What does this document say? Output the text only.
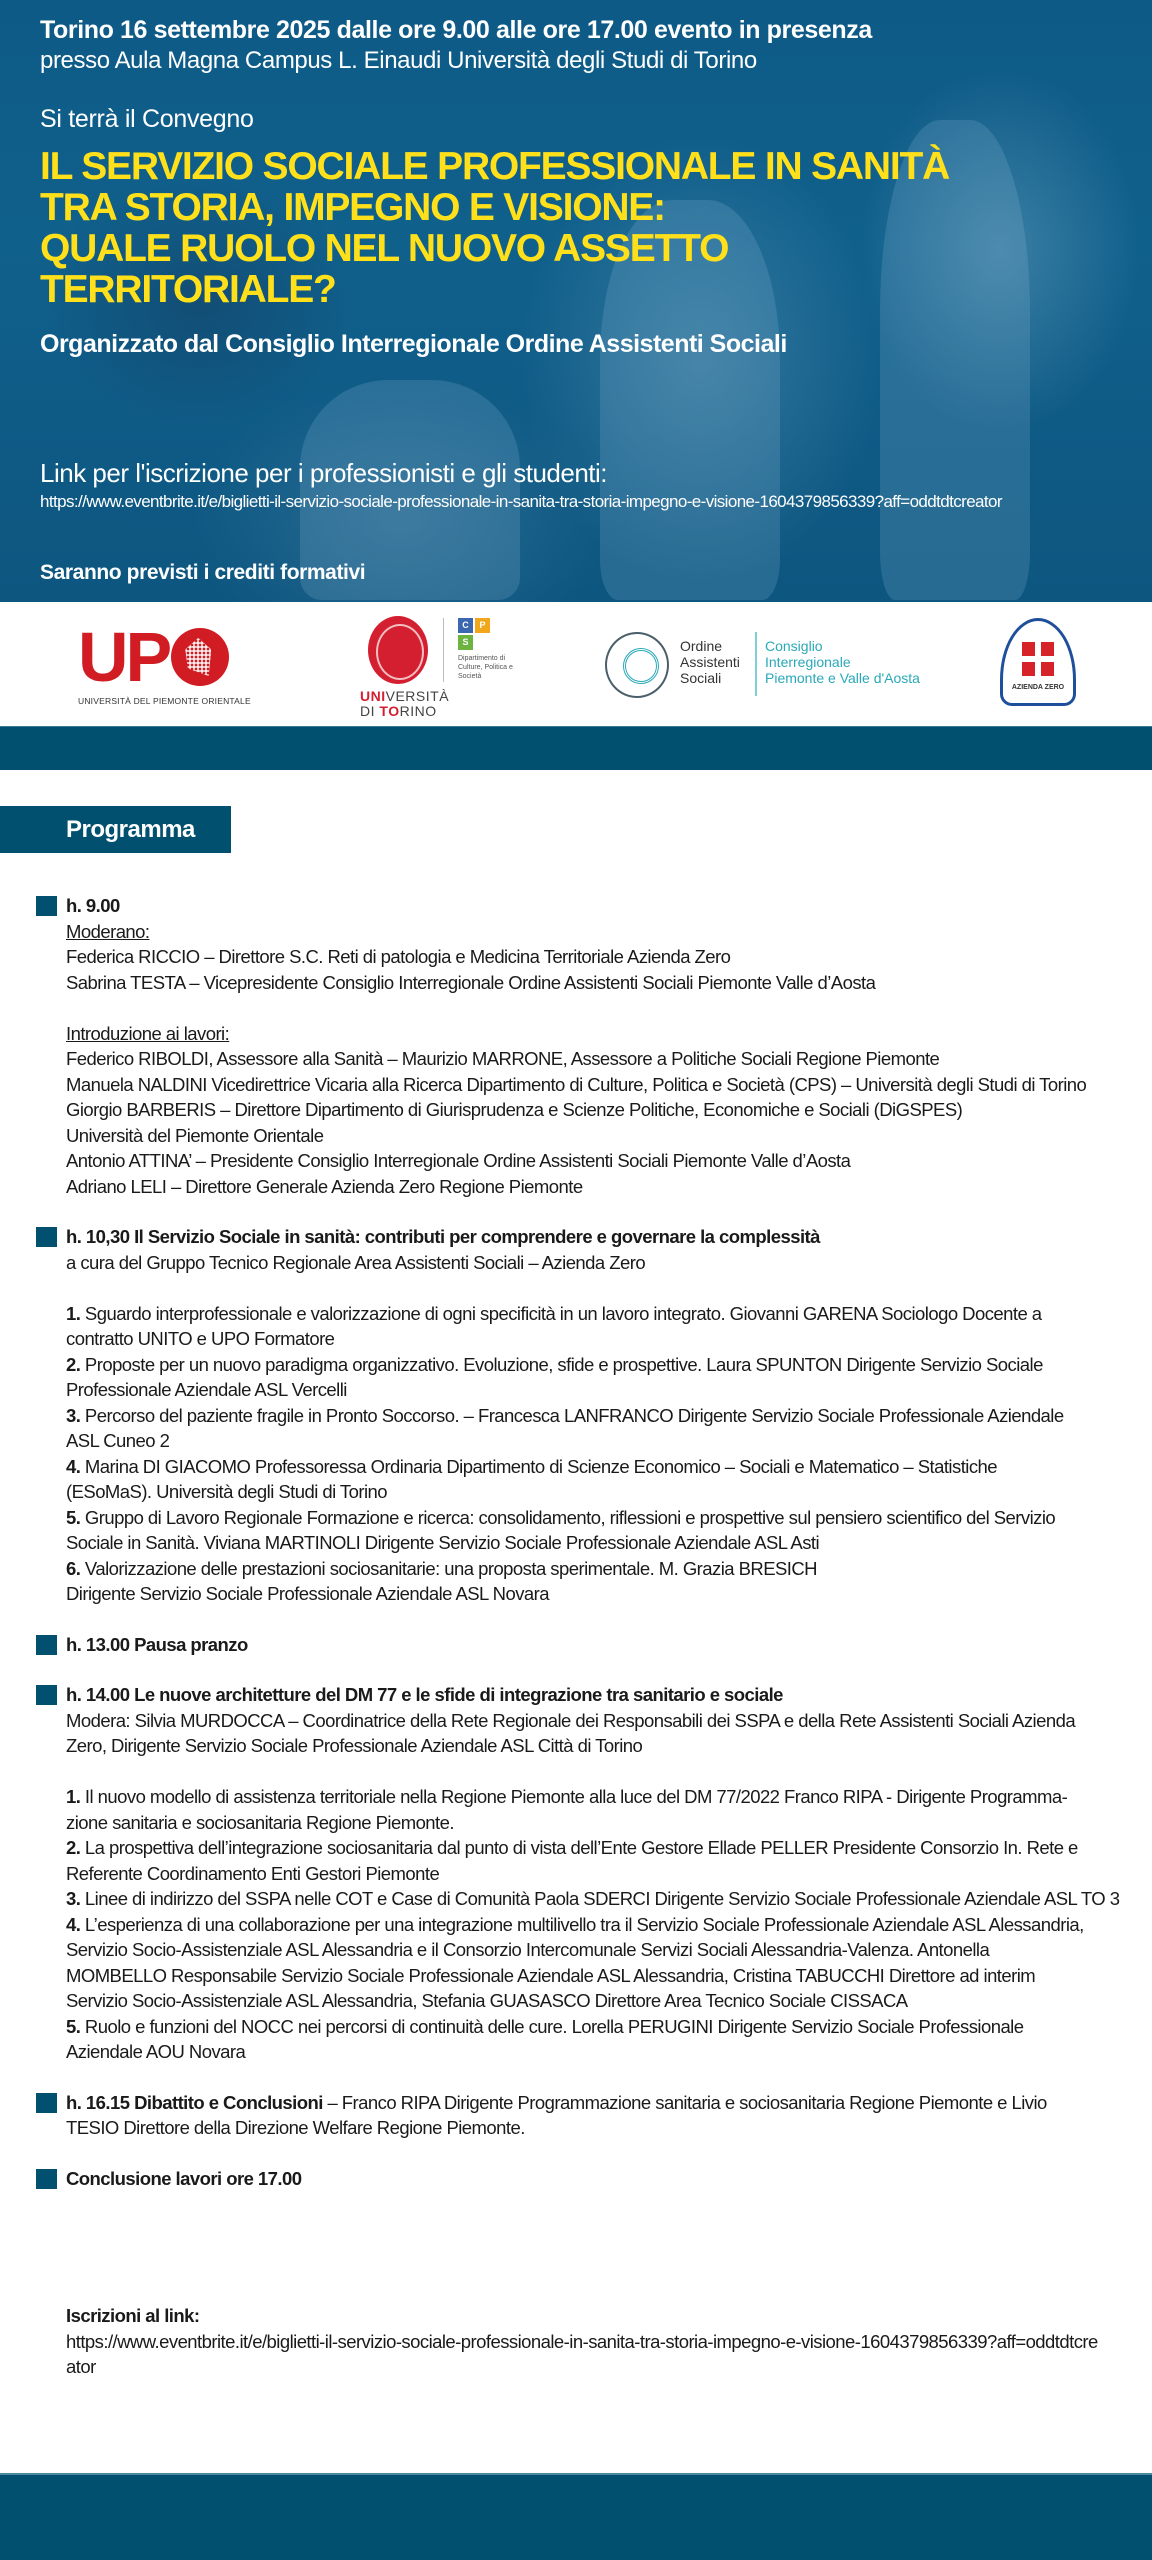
Torino 16 settembre 2025 dalle ore 9.00 alle ore 17.00 evento in presenza
presso Aula Magna Campus L. Einaudi Università degli Studi di Torino
Si terrà il Convegno
IL SERVIZIO SOCIALE PROFESSIONALE IN SANITÀ
TRA STORIA, IMPEGNO E VISIONE:
QUALE RUOLO NEL NUOVO ASSETTO
TERRITORIALE?
Organizzato dal Consiglio Interregionale Ordine Assistenti Sociali
Link per l'iscrizione per i professionisti e gli studenti:
https://www.eventbrite.it/e/biglietti-il-servizio-sociale-professionale-in-sanita-tra-storia-impegno-e-visione-1604379856339?aff=oddtdtcreator
Saranno previsti i crediti formativi
UP
UNIVERSITÀ DEL PIEMONTE ORIENTALE	UNIVERSITÀ
DI TORINO
C	P
S
Dipartimento di Culture, Politica e Società
Ordine
Assistenti
Sociali
Consiglio
Interregionale
Piemonte e Valle d'Aosta
AZIENDA ZERO
Programma
h. 9.00
Moderano:
Federica RICCIO – Direttore S.C. Reti di patologia e Medicina Territoriale Azienda Zero
Sabrina TESTA – Vicepresidente Consiglio Interregionale Ordine Assistenti Sociali Piemonte Valle d’Aosta
Introduzione ai lavori:
Federico RIBOLDI, Assessore alla Sanità – Maurizio MARRONE, Assessore a Politiche Sociali Regione Piemonte
Manuela NALDINI Vicedirettrice Vicaria alla Ricerca Dipartimento di Culture, Politica e Società (CPS) – Università degli Studi di Torino
Giorgio BARBERIS – Direttore Dipartimento di Giurisprudenza e Scienze Politiche, Economiche e Sociali (DiGSPES)
Università del Piemonte Orientale
Antonio ATTINA’ – Presidente Consiglio Interregionale Ordine Assistenti Sociali Piemonte Valle d’Aosta
Adriano LELI – Direttore Generale Azienda Zero Regione Piemonte
h. 10,30 Il Servizio Sociale in sanità: contributi per comprendere e governare la complessità
a cura del Gruppo Tecnico Regionale Area Assistenti Sociali – Azienda Zero
1. Sguardo interprofessionale e valorizzazione di ogni specificità in un lavoro integrato. Giovanni GARENA Sociologo Docente a contratto UNITO e UPO Formatore
2. Proposte per un nuovo paradigma organizzativo. Evoluzione, sfide e prospettive. Laura SPUNTON Dirigente Servizio Sociale Professionale Aziendale ASL Vercelli
3. Percorso del paziente fragile in Pronto Soccorso. – Francesca LANFRANCO Dirigente Servizio Sociale Professionale Aziendale ASL Cuneo 2
4. Marina DI GIACOMO Professoressa Ordinaria Dipartimento di Scienze Economico – Sociali e Matematico – Statistiche (ESoMaS). Università degli Studi di Torino
5. Gruppo di Lavoro Regionale Formazione e ricerca: consolidamento, riflessioni e prospettive sul pensiero scientifico del Servizio Sociale in Sanità. Viviana MARTINOLI Dirigente Servizio Sociale Professionale Aziendale ASL Asti
6. Valorizzazione delle prestazioni sociosanitarie: una proposta sperimentale. M. Grazia BRESICH
Dirigente Servizio Sociale Professionale Aziendale ASL Novara
h. 13.00 Pausa pranzo
h. 14.00 Le nuove architetture del DM 77 e le sfide di integrazione tra sanitario e sociale
Modera: Silvia MURDOCCA – Coordinatrice della Rete Regionale dei Responsabili dei SSPA e della Rete Assistenti Sociali Azienda Zero, Dirigente Servizio Sociale Professionale Aziendale ASL Città di Torino
1. Il nuovo modello di assistenza territoriale nella Regione Piemonte alla luce del DM 77/2022 Franco RIPA - Dirigente Programma-zione sanitaria e sociosanitaria Regione Piemonte.
2. La prospettiva dell’integrazione sociosanitaria dal punto di vista dell’Ente Gestore Ellade PELLER Presidente Consorzio In. Rete e Referente Coordinamento Enti Gestori Piemonte
3. Linee di indirizzo del SSPA nelle COT e Case di Comunità Paola SDERCI Dirigente Servizio Sociale Professionale Aziendale ASL TO 3
4. L’esperienza di una collaborazione per una integrazione multilivello tra il Servizio Sociale Professionale Aziendale ASL Alessandria, Servizio Socio-Assistenziale ASL Alessandria e il Consorzio Intercomunale Servizi Sociali Alessandria-Valenza. Antonella MOMBELLO Responsabile Servizio Sociale Professionale Aziendale ASL Alessandria, Cristina TABUCCHI Direttore ad interim Servizio Socio-Assistenziale ASL Alessandria, Stefania GUASASCO Direttore Area Tecnico Sociale CISSACA
5. Ruolo e funzioni del NOCC nei percorsi di continuità delle cure. Lorella PERUGINI Dirigente Servizio Sociale Professionale Aziendale AOU Novara
h. 16.15 Dibattito e Conclusioni – Franco RIPA Dirigente Programmazione sanitaria e sociosanitaria Regione Piemonte e Livio TESIO Direttore della Direzione Welfare Regione Piemonte.
Conclusione lavori ore 17.00
Iscrizioni al link:
https://www.eventbrite.it/e/biglietti-il-servizio-sociale-professionale-in-sanita-tra-storia-impegno-e-visione-1604379856339?aff=oddtdtcreator
